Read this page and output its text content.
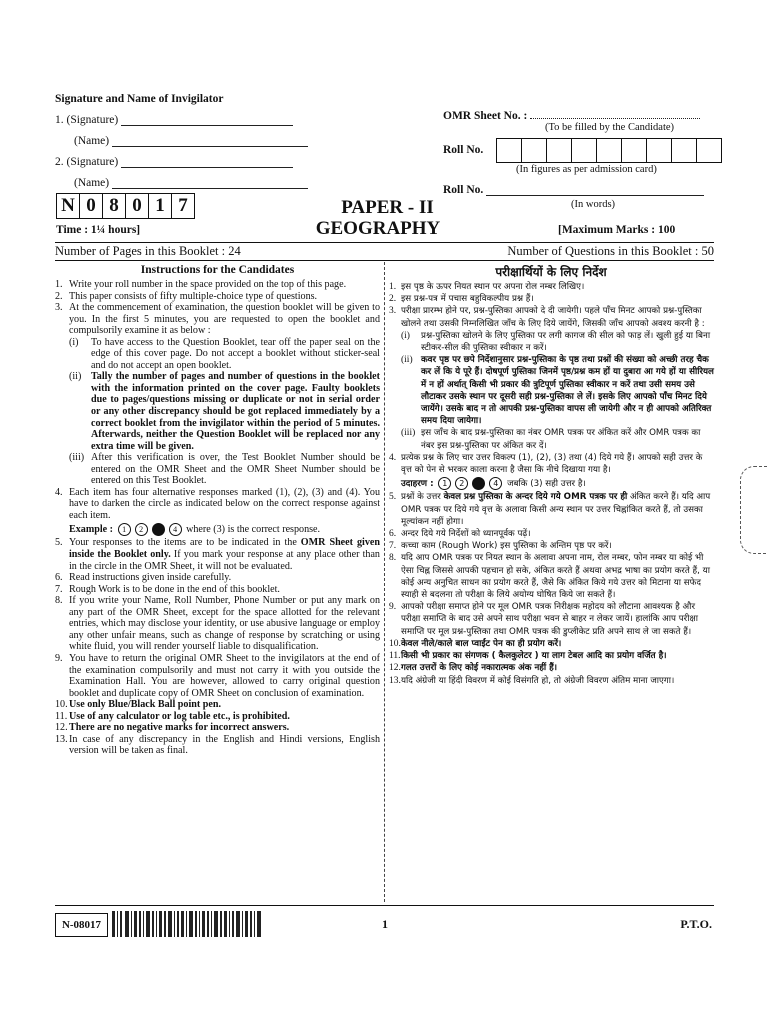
Signature and Name of Invigilator
1. (Signature)
(Name)
2. (Signature)
(Name)
OMR Sheet No. :
(To be filled by the Candidate)
Roll No.
(In figures as per admission card)
Roll No.
(In words)
N 0 8 0 1 7
Time : 1¼ hours]
PAPER - II
GEOGRAPHY	[Maximum Marks : 100
Number of Pages in this Booklet : 24	Number of Questions in this Booklet : 50
Instructions for the Candidates
1. Write your roll number in the space provided on the top of this page.
2. This paper consists of fifty multiple-choice type of questions.
3. At the commencement of examination, the question booklet will be given to you. In the first 5 minutes, you are requested to open the booklet and compulsorily examine it as below :
(i)	To have access to the Question Booklet, tear off the paper seal on the edge of this cover page. Do not accept a booklet without sticker-seal and do not accept an open booklet.
(ii) Tally the number of pages and number of questions in the booklet with the information printed on the cover page. Faulty booklets due to pages/questions missing or duplicate or not in serial order or any other discrepancy should be got replaced immediately by a correct booklet from the invigilator within the period of 5 minutes. Afterwards, neither the Question Booklet will be replaced nor any extra time will be given.
(iii) After this verification is over, the Test Booklet Number should be entered on the OMR Sheet and the OMR Sheet Number should be entered on this Test Booklet.
4. Each item has four alternative responses marked (1), (2), (3) and (4). You have to darken the circle as indicated below on the correct response against each item.
Example : 1 2	4 where (3) is the correct response.
5. Your responses to the items are to be indicated in the OMR Sheet given inside the Booklet only. If you mark your response at any place other than in the circle in the OMR Sheet, it will not be evaluated.
6. Read instructions given inside carefully.
7. Rough Work is to be done in the end of this booklet.
8. If you write your Name, Roll Number, Phone Number or put any mark on any part of the OMR Sheet, except for the space allotted for the relevant entries, which may disclose your identity, or use abusive language or employ any other unfair means, such as change of response by scratching or using white fluid, you will render yourself liable to disqualification.
9. You have to return the original OMR Sheet to the invigilators at the end of the examination compulsorily and must not carry it with you outside the Examination Hall. You are however, allowed to carry original question booklet and duplicate copy of OMR Sheet on conclusion of examination.
10. Use only Blue/Black Ball point pen.
11. Use of any calculator or log table etc., is prohibited.
12. There are no negative marks for incorrect answers.
13. In case of any discrepancy in the English and Hindi versions, English version will be taken as final.
परीक्षार्थियों के लिए निर्देश
1. इस पृष्ठ के ऊपर नियत स्थान पर अपना रोल नम्बर लिखिए।
2. इस प्रश्न-पत्र में पचास बहुविकल्पीय प्रश्न हैं।
3. परीक्षा प्रारम्भ होने पर, प्रश्न-पुस्तिका आपको दे दी जायेगी। पहले पाँच मिनट आपको प्रश्न-पुस्तिका खोलने तथा उसकी निम्नलिखित जाँच के लिए दिये जायेंगे, जिसकी जाँच आपको अवश्य करनी है :
(i)	प्रश्न-पुस्तिका खोलने के लिए पुस्तिका पर लगी कागज की सील को फाड़ लें। खुली हुई या बिना स्टीकर-सील की पुस्तिका स्वीकार न करें।
(ii) कवर पृष्ठ पर छपे निर्देशानुसार प्रश्न-पुस्तिका के पृष्ठ तथा प्रश्नों की संख्या को अच्छी तरह चैक कर लें कि ये पूरे हैं। दोषपूर्ण पुस्तिका जिनमें पृष्ठ/प्रश्न कम हों या दुबारा आ गये हों या सीरियल में न हों अर्थात् किसी भी प्रकार की त्रुटिपूर्ण पुस्तिका स्वीकार न करें तथा उसी समय उसे लौटाकर उसके स्थान पर दूसरी सही प्रश्न-पुस्तिका ले लें। इसके लिए आपको पाँच मिनट दिये जायेंगे। उसके बाद न तो आपकी प्रश्न-पुस्तिका वापस ली जायेगी और न ही आपको अतिरिक्त समय दिया जायेगा।
(iii) इस जाँच के बाद प्रश्न-पुस्तिका का नंबर OMR पत्रक पर अंकित करें और OMR पत्रक का नंबर इस प्रश्न-पुस्तिका पर अंकित कर दें।
4. प्रत्येक प्रश्न के लिए चार उत्तर विकल्प (1), (2), (3) तथा (4) दिये गये हैं। आपको सही उत्तर के वृत्त को पेन से भरकर काला करना है जैसा कि नीचे दिखाया गया है।
उदाहरण : 1 2	4 जबकि (3) सही उत्तर है।
5. प्रश्नों के उत्तर केवल प्रश्न पुस्तिका के अन्दर दिये गये OMR पत्रक पर ही अंकित करने हैं। यदि आप OMR पत्रक पर दिये गये वृत्त के अलावा किसी अन्य स्थान पर उत्तर चिह्नांकित करते हैं, तो उसका मूल्यांकन नहीं होगा।
6. अन्दर दिये गये निर्देशों को ध्यानपूर्वक पढ़ें।
7. कच्चा काम (Rough Work) इस पुस्तिका के अन्तिम पृष्ठ पर करें।
8. यदि आप OMR पत्रक पर नियत स्थान के अलावा अपना नाम, रोल नम्बर, फोन नम्बर या कोई भी ऐसा चिह्न जिससे आपकी पहचान हो सके, अंकित करते हैं अथवा अभद्र भाषा का प्रयोग करते हैं, या कोई अन्य अनुचित साधन का प्रयोग करते हैं, जैसे कि अंकित किये गये उत्तर को मिटाना या सफेद स्याही से बदलना तो परीक्षा के लिये अयोग्य घोषित किये जा सकते हैं।
9. आपको परीक्षा समाप्त होने पर मूल OMR पत्रक निरीक्षक महोदय को लौटाना आवश्यक है और परीक्षा समाप्ति के बाद उसे अपने साथ परीक्षा भवन से बाहर न लेकर जायें। हालांकि आप परीक्षा समाप्ति पर मूल प्रश्न-पुस्तिका तथा OMR पत्रक की डुप्लीकेट प्रति अपने साथ ले जा सकते हैं।
10. केवल नीले/काले बाल प्वाईंट पेन का ही प्रयोग करें।
11. किसी भी प्रकार का संगणक ( कैलकुलेटर ) या लाग टेबल आदि का प्रयोग वर्जित है।
12. गलत उत्तरों के लिए कोई नकारात्मक अंक नहीं हैं।
13. यदि अंग्रेजी या हिंदी विवरण में कोई विसंगति हो, तो अंग्रेजी विवरण अंतिम माना जाएगा।
N-08017	1	P.T.O.
